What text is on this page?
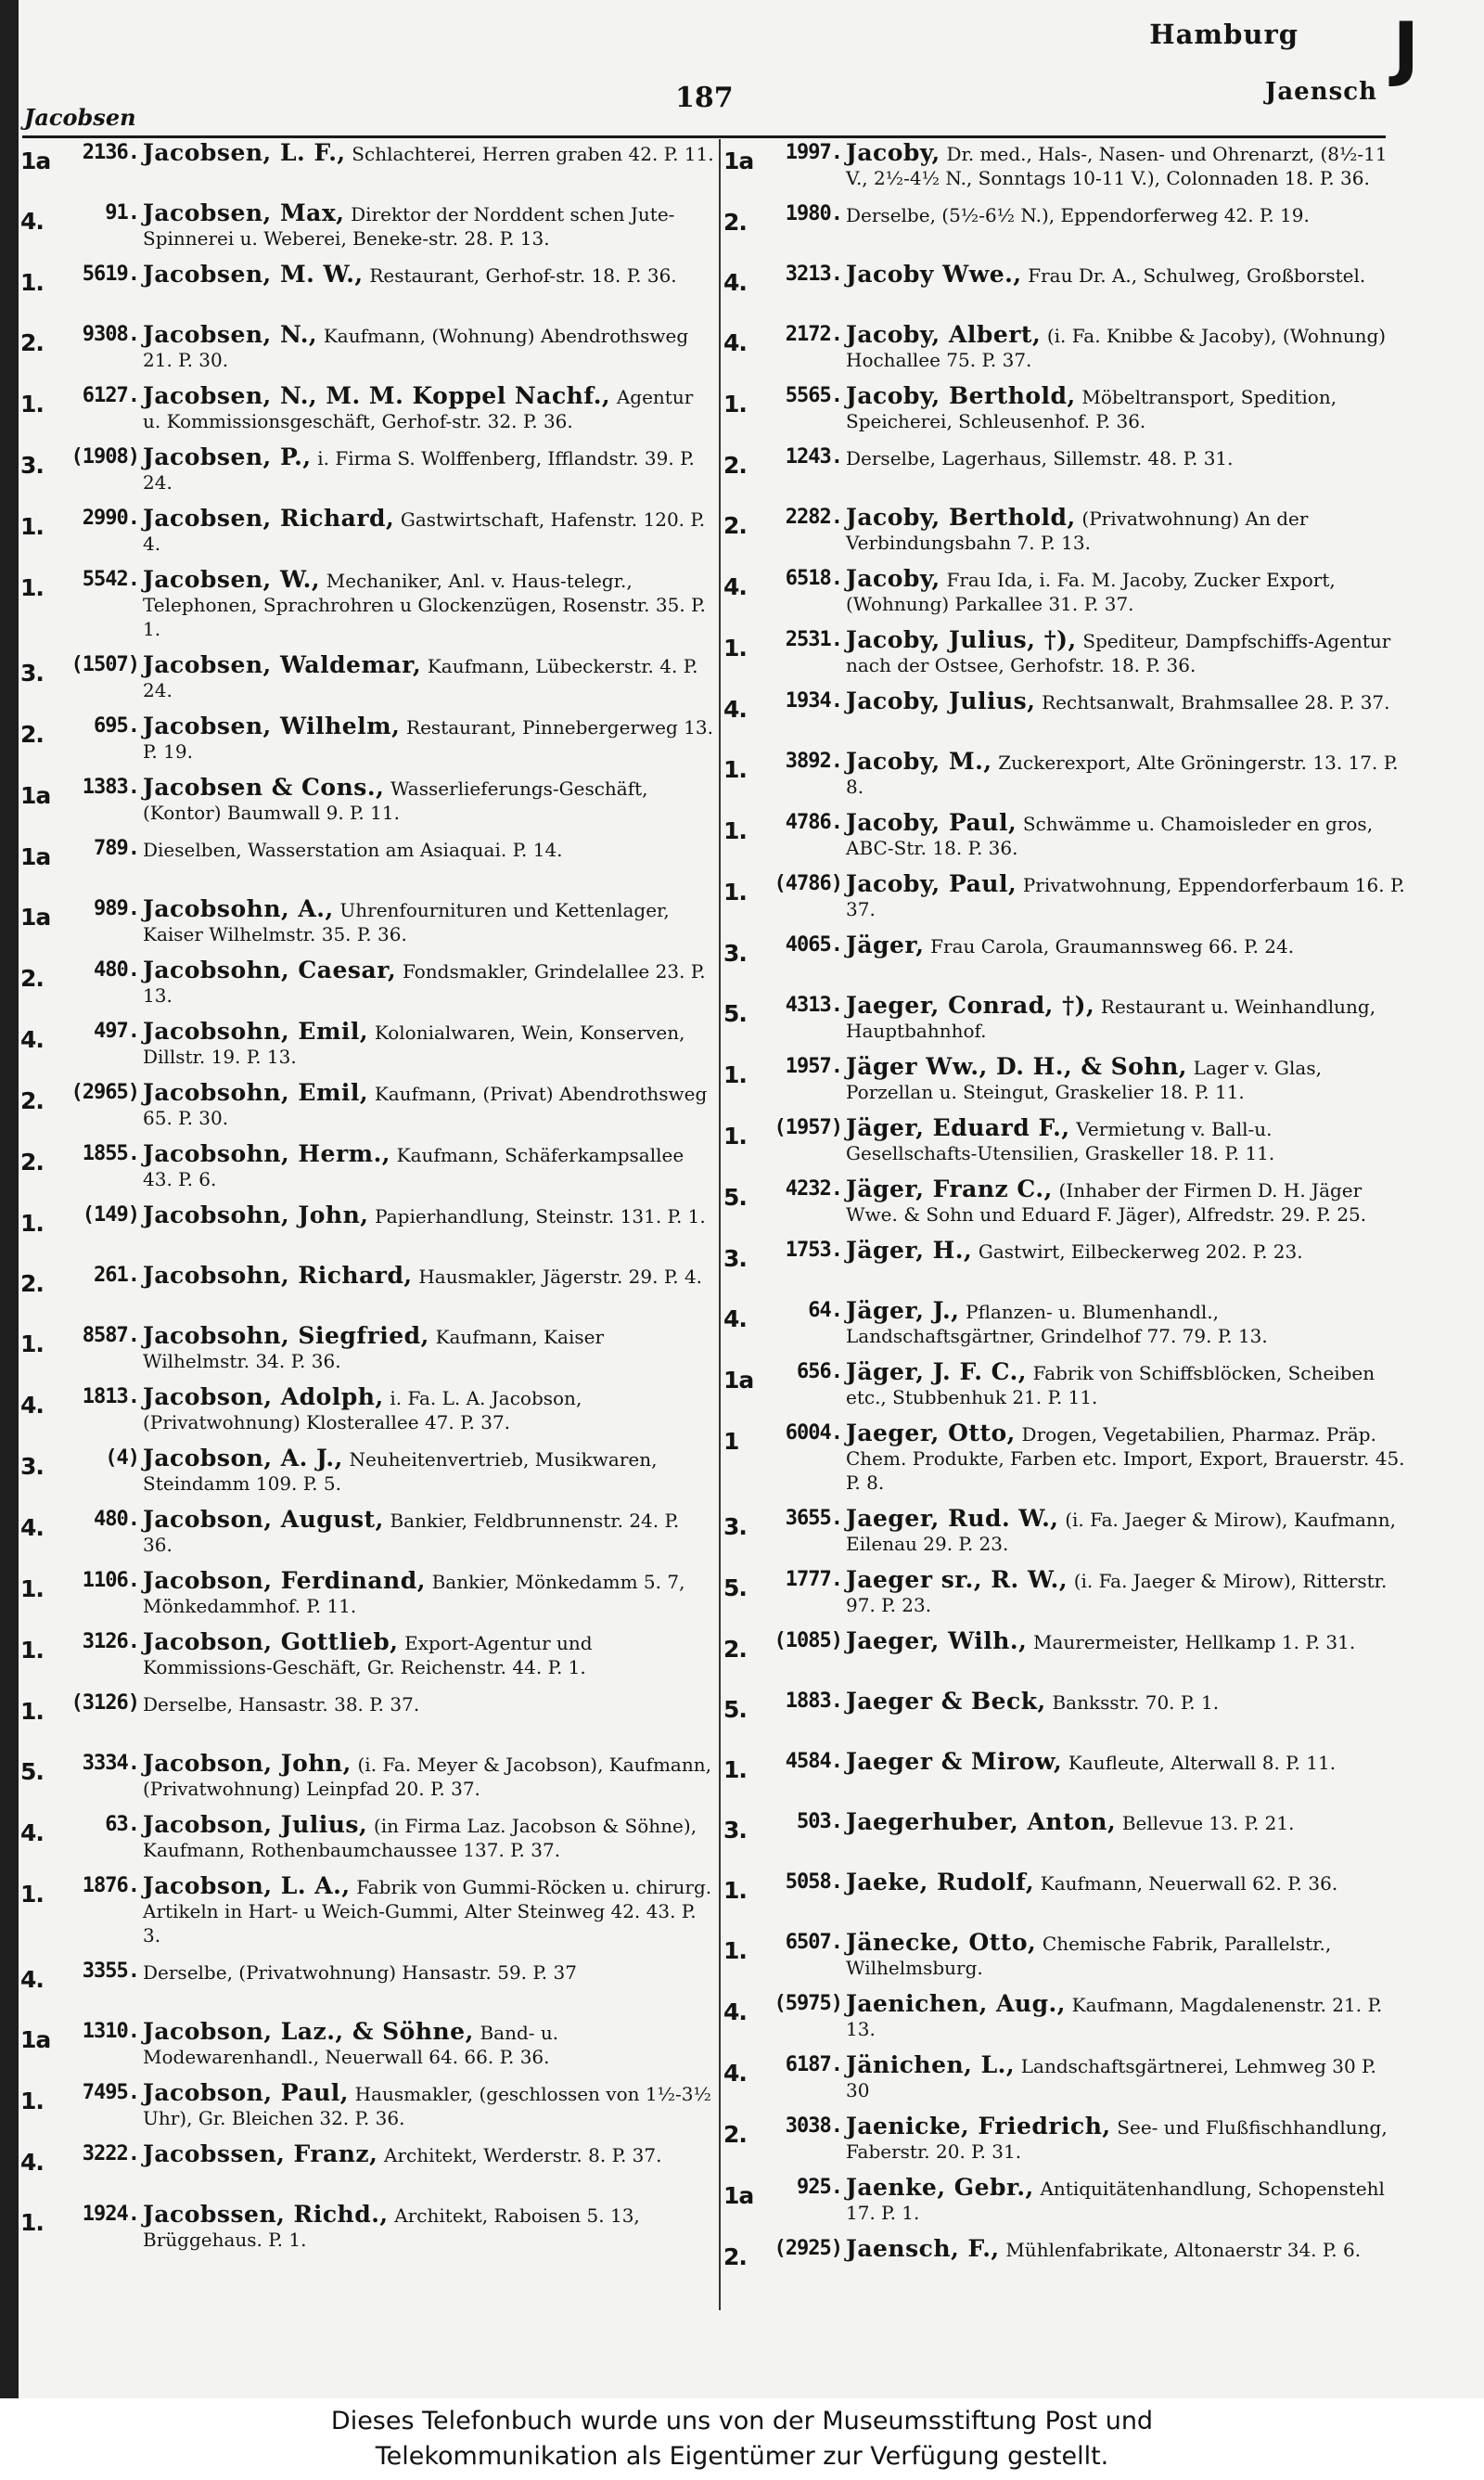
Hamburg J
187
Jacobsen
Jaensch
1a	2136. Jacobsen, L. F., Schlachterei, Herren graben 42. P. 11.
4.	91. Jacobsen, Max, Direktor der Norddent schen Jute-Spinnerei u. Weberei, Beneke-str. 28. P. 13.
1.	5619. Jacobsen, M. W., Restaurant, Gerhof-str. 18. P. 36.
2.	9308. Jacobsen, N., Kaufmann, (Wohnung) Abendrothsweg 21. P. 30.
1.	6127. Jacobsen, N., M. M. Koppel Nachf., Agentur u. Kommissionsgeschäft, Gerhof-str. 32. P. 36.
3.	(1908) Jacobsen, P., i. Firma S. Wolffenberg, Ifflandstr. 39. P. 24.
1.	2990. Jacobsen, Richard, Gastwirtschaft, Hafenstr. 120. P. 4.
1.	5542. Jacobsen, W., Mechaniker, Anl. v. Haus-telegr., Telephonen, Sprachrohren u Glockenzügen, Rosenstr. 35. P. 1.
3.	(1507) Jacobsen, Waldemar, Kaufmann, Lübeckerstr. 4. P. 24.
2.	695. Jacobsen, Wilhelm, Restaurant, Pinnebergerweg 13. P. 19.
1a	1383. Jacobsen & Cons., Wasserlieferungs-Geschäft, (Kontor) Baumwall 9. P. 11.
1a	789. Dieselben, Wasserstation am Asiaquai. P. 14.
1a	989. Jacobsohn, A., Uhrenfournituren und Kettenlager, Kaiser Wilhelmstr. 35. P. 36.
2.	480. Jacobsohn, Caesar, Fondsmakler, Grindelallee 23. P. 13.
4.	497. Jacobsohn, Emil, Kolonialwaren, Wein, Konserven, Dillstr. 19. P. 13.
2.	(2965) Jacobsohn, Emil, Kaufmann, (Privat) Abendrothsweg 65. P. 30.
2.	1855. Jacobsohn, Herm., Kaufmann, Schäferkampsallee 43. P. 6.
1.	(149) Jacobsohn, John, Papierhandlung, Steinstr. 131. P. 1.
2.	261. Jacobsohn, Richard, Hausmakler, Jägerstr. 29. P. 4.
1.	8587. Jacobsohn, Siegfried, Kaufmann, Kaiser Wilhelmstr. 34. P. 36.
4.	1813. Jacobson, Adolph, i. Fa. L. A. Jacobson, (Privatwohnung) Klosterallee 47. P. 37.
3.	(4) Jacobson, A. J., Neuheitenvertrieb, Musikwaren, Steindamm 109. P. 5.
4.	480. Jacobson, August, Bankier, Feldbrunnenstr. 24. P. 36.
1.	1106. Jacobson, Ferdinand, Bankier, Mönkedamm 5. 7, Mönkedammhof. P. 11.
1.	3126. Jacobson, Gottlieb, Export-Agentur und Kommissions-Geschäft, Gr. Reichenstr. 44. P. 1.
1.	(3126) Derselbe, Hansastr. 38. P. 37.
5.	3334. Jacobson, John, (i. Fa. Meyer & Jacobson), Kaufmann, (Privatwohnung) Leinpfad 20. P. 37.
4.	63. Jacobson, Julius, (in Firma Laz. Jacobson & Söhne), Kaufmann, Rothenbaumchaussee 137. P. 37.
1.	1876. Jacobson, L. A., Fabrik von Gummi-Röcken u. chirurg. Artikeln in Hart- u Weich-Gummi, Alter Steinweg 42. 43. P. 3.
4.	3355. Derselbe, (Privatwohnung) Hansastr. 59. P. 37
1a	1310. Jacobson, Laz., & Söhne, Band- u. Modewarenhandl., Neuerwall 64. 66. P. 36.
1.	7495. Jacobson, Paul, Hausmakler, (geschlossen von 1½-3½ Uhr), Gr. Bleichen 32. P. 36.
4.	3222. Jacobssen, Franz, Architekt, Werderstr. 8. P. 37.
1.	1924. Jacobssen, Richd., Architekt, Raboisen 5. 13, Brüggehaus. P. 1.
1a	1997. Jacoby, Dr. med., Hals-, Nasen- und Ohrenarzt, (8½-11 V., 2½-4½ N., Sonntags 10-11 V.), Colonnaden 18. P. 36.
2.	1980. Derselbe, (5½-6½ N.), Eppendorferweg 42. P. 19.
4.	3213. Jacoby Wwe., Frau Dr. A., Schulweg, Großborstel.
4.	2172. Jacoby, Albert, (i. Fa. Knibbe & Jacoby), (Wohnung) Hochallee 75. P. 37.
1.	5565. Jacoby, Berthold, Möbeltransport, Spedition, Speicherei, Schleusenhof. P. 36.
2.	1243. Derselbe, Lagerhaus, Sillemstr. 48. P. 31.
2.	2282. Jacoby, Berthold, (Privatwohnung) An der Verbindungsbahn 7. P. 13.
4.	6518. Jacoby, Frau Ida, i. Fa. M. Jacoby, Zucker Export, (Wohnung) Parkallee 31. P. 37.
1.	2531. Jacoby, Julius, †), Spediteur, Dampfschiffs-Agentur nach der Ostsee, Gerhofstr. 18. P. 36.
4.	1934. Jacoby, Julius, Rechtsanwalt, Brahmsallee 28. P. 37.
1.	3892. Jacoby, M., Zuckerexport, Alte Gröningerstr. 13. 17. P. 8.
1.	4786. Jacoby, Paul, Schwämme u. Chamoisleder en gros, ABC-Str. 18. P. 36.
1.	(4786) Jacoby, Paul, Privatwohnung, Eppendorferbaum 16. P. 37.
3.	4065. Jäger, Frau Carola, Graumannsweg 66. P. 24.
5.	4313. Jaeger, Conrad, †), Restaurant u. Weinhandlung, Hauptbahnhof.
1.	1957. Jäger Ww., D. H., & Sohn, Lager v. Glas, Porzellan u. Steingut, Graskelier 18. P. 11.
1.	(1957) Jäger, Eduard F., Vermietung v. Ball-u. Gesellschafts-Utensilien, Graskeller 18. P. 11.
5.	4232. Jäger, Franz C., (Inhaber der Firmen D. H. Jäger Wwe. & Sohn und Eduard F. Jäger), Alfredstr. 29. P. 25.
3.	1753. Jäger, H., Gastwirt, Eilbeckerweg 202. P. 23.
4.	64. Jäger, J., Pflanzen- u. Blumenhandl., Landschaftsgärtner, Grindelhof 77. 79. P. 13.
1a	656. Jäger, J. F. C., Fabrik von Schiffsblöcken, Scheiben etc., Stubbenhuk 21. P. 11.
1	6004. Jaeger, Otto, Drogen, Vegetabilien, Pharmaz. Präp. Chem. Produkte, Farben etc. Import, Export, Brauerstr. 45. P. 8.
3.	3655. Jaeger, Rud. W., (i. Fa. Jaeger & Mirow), Kaufmann, Eilenau 29. P. 23.
5.	1777. Jaeger sr., R. W., (i. Fa. Jaeger & Mirow), Ritterstr. 97. P. 23.
2.	(1085) Jaeger, Wilh., Maurermeister, Hellkamp 1. P. 31.
5.	1883. Jaeger & Beck, Banksstr. 70. P. 1.
1.	4584. Jaeger & Mirow, Kaufleute, Alterwall 8. P. 11.
3.	503. Jaegerhuber, Anton, Bellevue 13. P. 21.
1.	5058. Jaeke, Rudolf, Kaufmann, Neuerwall 62. P. 36.
1.	6507. Jänecke, Otto, Chemische Fabrik, Parallelstr., Wilhelmsburg.
4.	(5975) Jaenichen, Aug., Kaufmann, Magdalenenstr. 21. P. 13.
4.	6187. Jänichen, L., Landschaftsgärtnerei, Lehmweg 30 P. 30
2.	3038. Jaenicke, Friedrich, See- und Flußfischhandlung, Faberstr. 20. P. 31.
1a	925. Jaenke, Gebr., Antiquitätenhandlung, Schopenstehl 17. P. 1.
2.	(2925) Jaensch, F., Mühlenfabrikate, Altonaerstr 34. P. 6.
Dieses Telefonbuch wurde uns von der Museumsstiftung Post und
Telekommunikation als Eigentümer zur Verfügung gestellt.
